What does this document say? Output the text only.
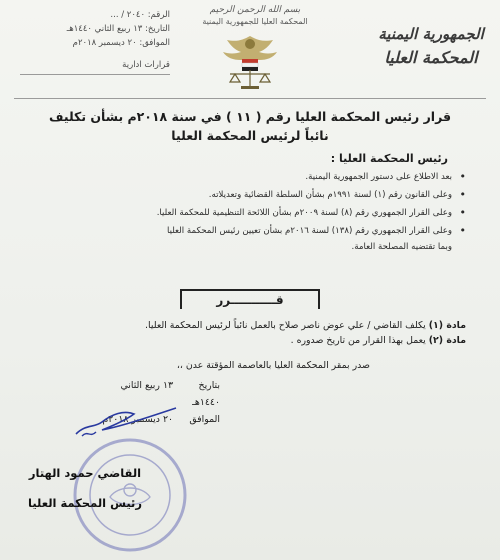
الجمهورية اليمنية
المحكمة العليا
بسم الله الرحمن الرحيم
المحكمة العليا للجمهورية اليمنية
الرقم: ٢٠٤٠ / ...
التاريخ: ١٣ ربيع الثاني ١٤٤٠هـ
الموافق: ٢٠ ديسمبر ٢٠١٨م
قرارات ادارية
قرار رئيس المحكمة العليا رقم ( ١١ ) في سنة ٢٠١٨م بشأن تكليف
نائباً لرئيس المحكمة العليا
رئيس المحكمة العليا :
• بعد الاطلاع على دستور الجمهورية اليمنية.
• وعلى القانون رقم (١) لسنة ١٩٩١م بشأن السلطة القضائية وتعديلاته.
• وعلى القرار الجمهوري رقم (٨) لسنة ٢٠٠٩م بشأن اللائحة التنظيمية للمحكمة العليا.
• وعلى القرار الجمهوري رقم (١٣٨) لسنة ٢٠١٦م بشأن تعيين رئيس المحكمة العليا
وبما تقتضيه المصلحة العامة.
قـــــــــــرر
مادة (١) يكلف القاضي / علي عوض ناصر صلاح بالعمل نائباً لرئيس المحكمة العليا.
مادة (٢) يعمل بهذا القرار من تاريخ صدوره .
صدر بمقر المحكمة العليا بالعاصمة المؤقتة عدن ،،
بتاريخ ١٣ ربيع الثاني ١٤٤٠هـ
الموافق ٢٠ ديسمبر ٢٠١٨م
القاضي حمود الهتار
رئيس المحكمة العليا
